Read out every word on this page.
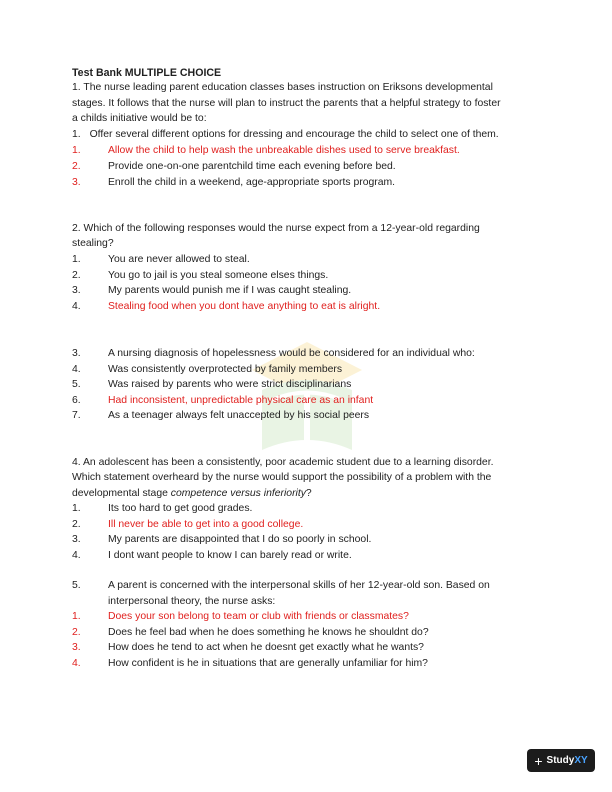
Test Bank MULTIPLE CHOICE
1. The nurse leading parent education classes bases instruction on Eriksons developmental
stages. It follows that the nurse will plan to instruct the parents that a helpful strategy to foster
a childs initiative would be to:
1. Offer several different options for dressing and encourage the child to select one of them.
1.	Allow the child to help wash the unbreakable dishes used to serve breakfast.
2.	Provide one-on-one parentchild time each evening before bed.
3.	Enroll the child in a weekend, age-appropriate sports program.
2. Which of the following responses would the nurse expect from a 12-year-old regarding
stealing?
1.	You are never allowed to steal.
2.	You go to jail is you steal someone elses things.
3.	My parents would punish me if I was caught stealing.
4.	Stealing food when you dont have anything to eat is alright.
3.	A nursing diagnosis of hopelessness would be considered for an individual who:
4.	Was consistently overprotected by family members
5.	Was raised by parents who were strict disciplinarians
6.	Had inconsistent, unpredictable physical care as an infant
7.	As a teenager always felt unaccepted by his social peers
4. An adolescent has been a consistently, poor academic student due to a learning disorder.
Which statement overheard by the nurse would support the possibility of a problem with the
developmental stage competence versus inferiority?
1.	Its too hard to get good grades.
2.	Ill never be able to get into a good college.
3.	My parents are disappointed that I do so poorly in school.
4.	I dont want people to know I can barely read or write.
5.	A parent is concerned with the interpersonal skills of her 12-year-old son. Based on
interpersonal theory, the nurse asks:
1.	Does your son belong to team or club with friends or classmates?
2.	Does he feel bad when he does something he knows he shouldnt do?
3.	How does he tend to act when he doesnt get exactly what he wants?
4.	How confident is he in situations that are generally unfamiliar for him?
+ StudyXY
